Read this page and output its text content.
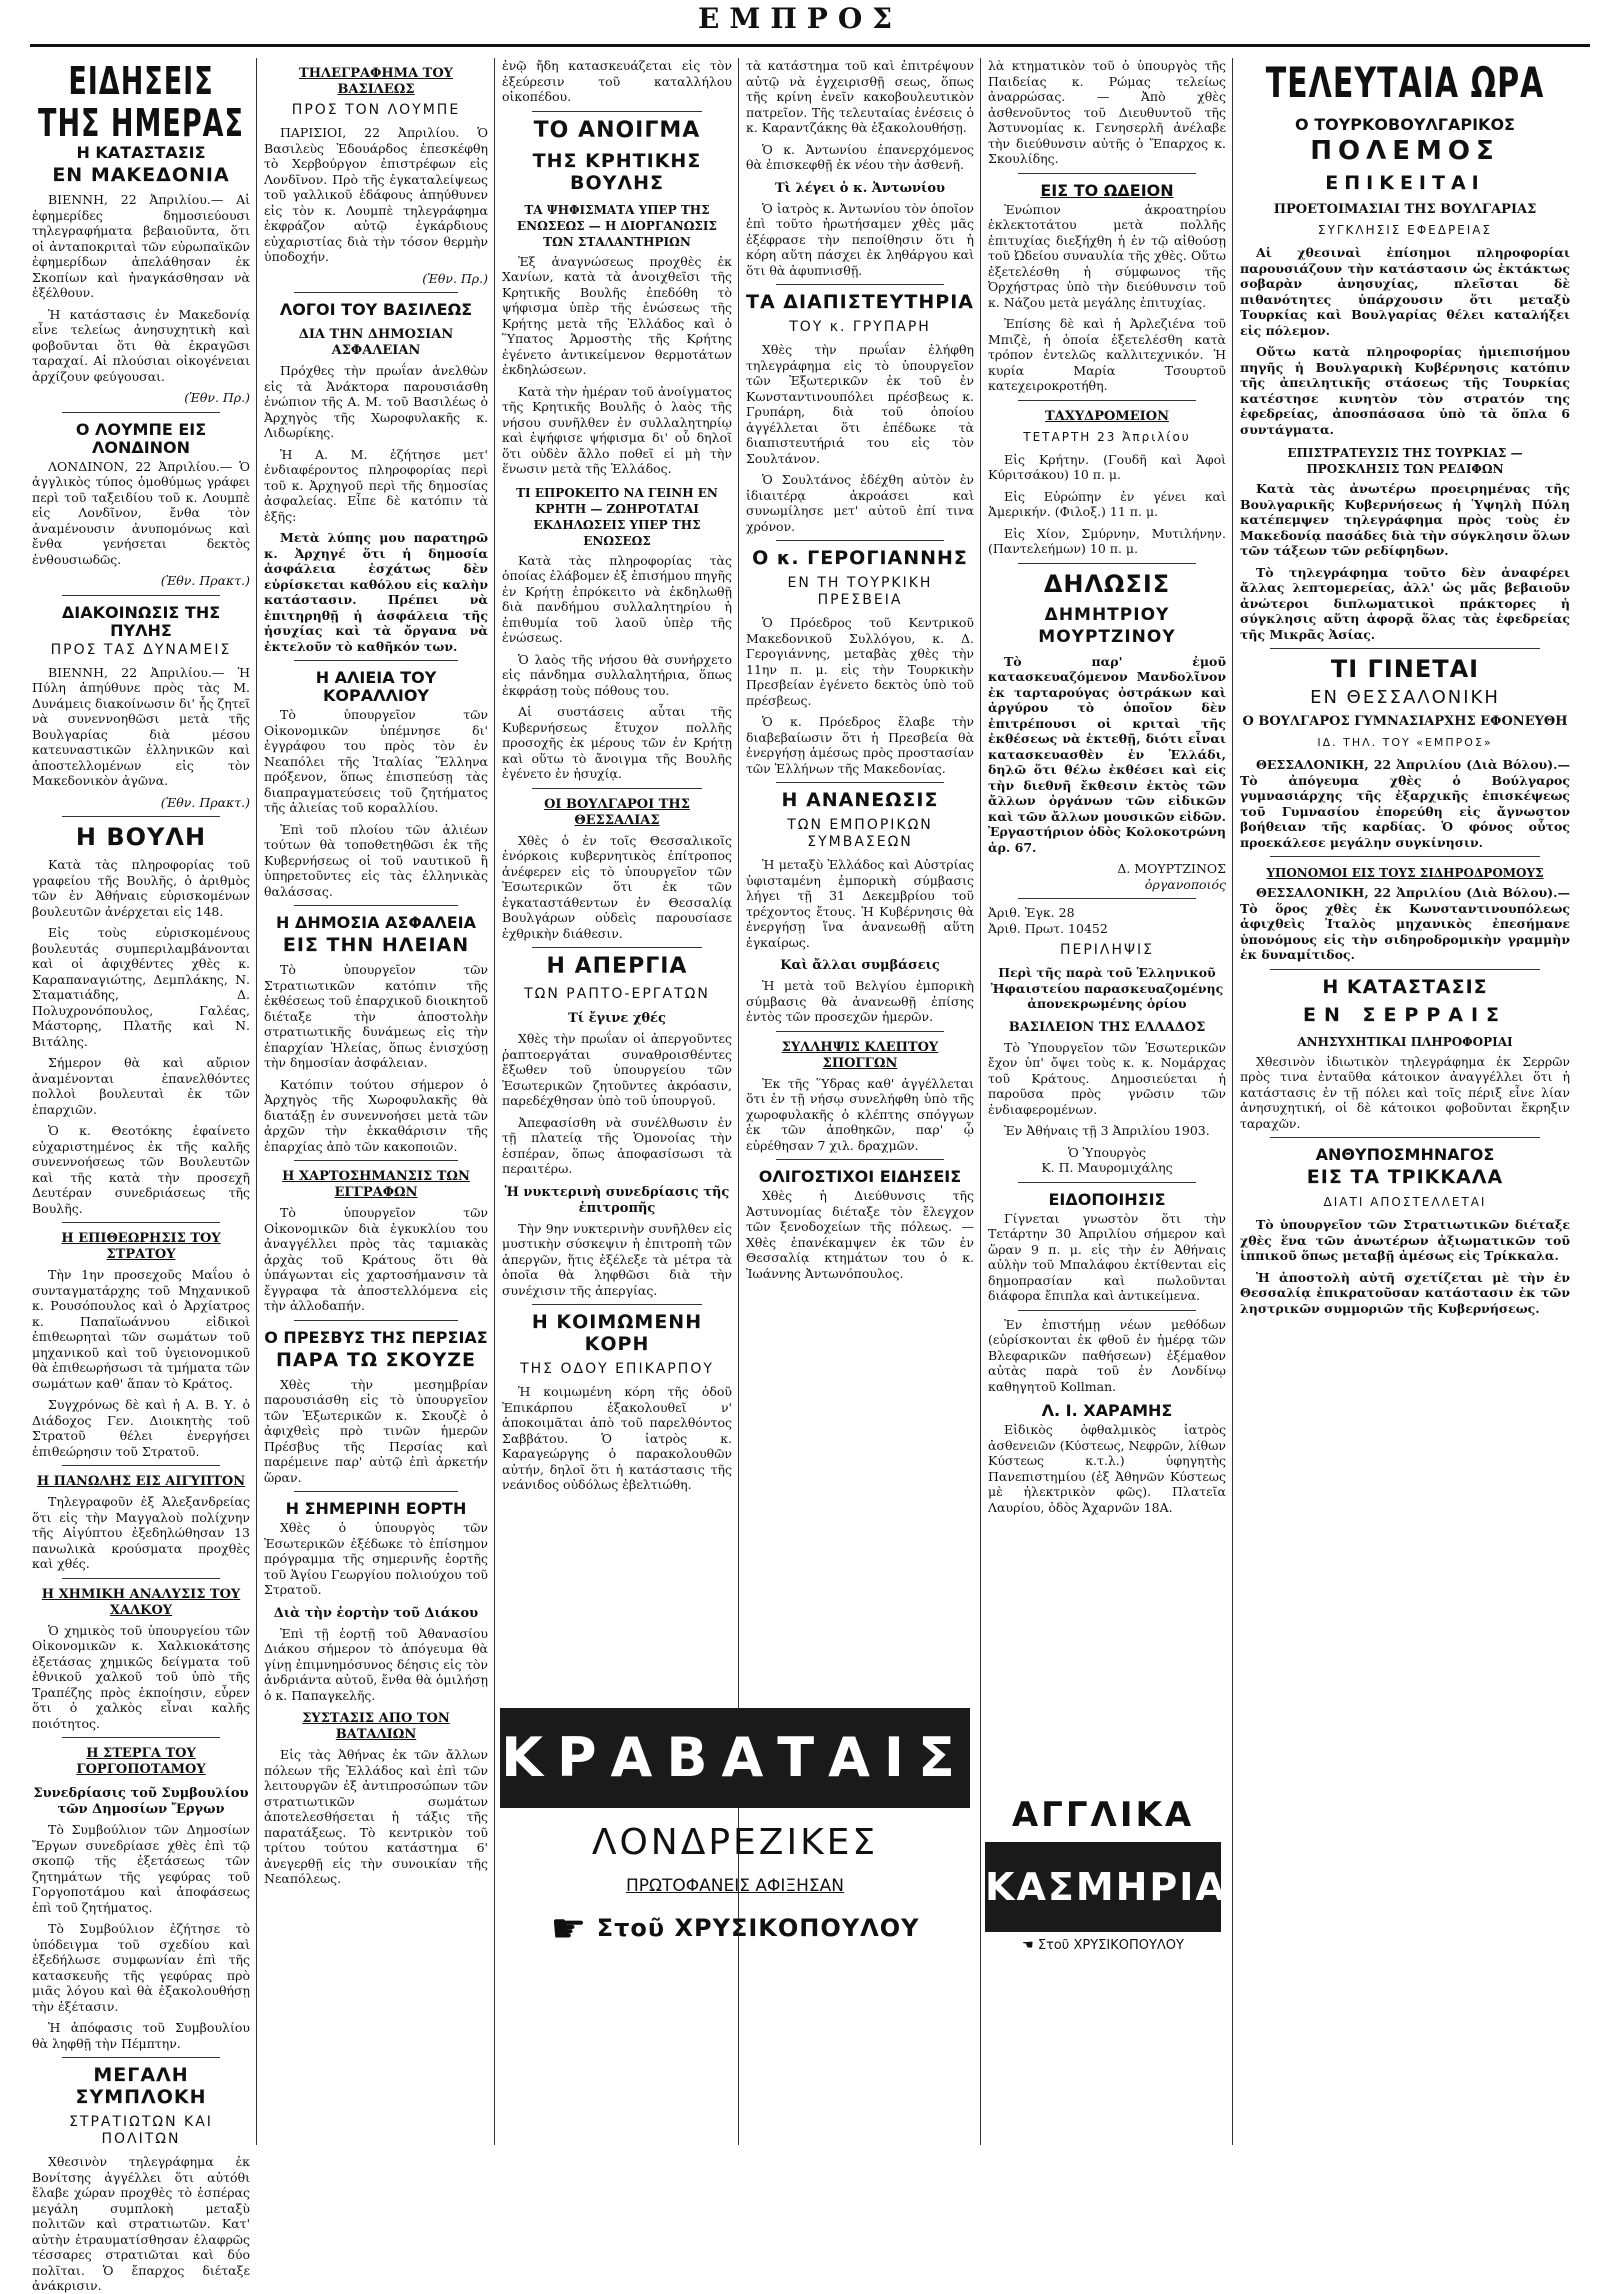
ΕΜΠΡΟΣ
ΕΙΔΗΣΕΙΣ ΤΗΣ ΗΜΕΡΑΣ
Η ΚΑΤΑΣΤΑΣΙΣ
ΕΝ ΜΑΚΕΔΟΝΙΑ

ΒΙΕΝΝΗ, 22 Ἀπριλίου.— Αἱ ἐφημερίδες δημοσιεύουσι τηλεγραφήματα βεβαιοῦντα, ὅτι οἱ ἀνταποκριταὶ τῶν εὐρωπαϊκῶν ἐφημερίδων ἀπελάθησαν ἐκ Σκοπίων καὶ ἠναγκάσθησαν νὰ ἐξέλθουν.

Ἡ κατάστασις ἐν Μακεδονίᾳ εἶνε τελείως ἀνησυχητικὴ καὶ φοβοῦνται ὅτι θὰ ἐκραγῶσι ταραχαί. Αἱ πλούσιαι οἰκογένειαι ἀρχίζουν φεύγουσαι.

(Ἐθν. Πρ.)

Ο ΛΟΥΜΠΕ ΕΙΣ ΛΟΝΔΙΝΟΝ

ΛΟΝΔΙΝΟΝ, 22 Ἀπριλίου.— Ὁ ἀγγλικὸς τύπος ὁμοθύμως γράφει περὶ τοῦ ταξειδίου τοῦ κ. Λουμπὲ εἰς Λονδῖνον, ἔνθα τὸν ἀναμένουσιν ἀνυπομόνως καὶ ἔνθα γενήσεται δεκτὸς ἐνθουσιωδῶς.

(Ἐθν. Πρακτ.)

ΔΙΑΚΟΙΝΩΣΙΣ ΤΗΣ ΠΥΛΗΣ
ΠΡΟΣ ΤΑΣ ΔΥΝΑΜΕΙΣ

ΒΙΕΝΝΗ, 22 Ἀπριλίου.— Ἡ Πύλη ἀπηύθυνε πρὸς τὰς Μ. Δυνάμεις διακοίνωσιν δι' ἧς ζητεῖ νὰ συνεννοηθῶσι μετὰ τῆς Βουλγαρίας διὰ μέσου κατευναστικῶν ἐλληνικῶν καὶ ἀποστελλομένων εἰς τὸν Μακεδονικὸν ἀγῶνα.

(Ἐθν. Πρακτ.)

Η ΒΟΥΛΗ

Κατὰ τὰς πληροφορίας τοῦ γραφείου τῆς Βουλῆς, ὁ ἀριθμὸς τῶν ἐν Ἀθήναις εὑρισκομένων βουλευτῶν ἀνέρχεται εἰς 148.

Εἰς τοὺς εὑρισκομένους βουλευτάς συμπεριλαμβάνονται καὶ οἱ ἀφιχθέντες χθὲς κ. Καραπαναγιώτης, Δεμπλάκης, Ν. Σταματιάδης, Δ. Πολυχρονόπουλος, Γαλέας, Μάστορης, Πλατῆς καὶ Ν. Βιτάλης.

Σήμερον θὰ καὶ αὔριον ἀναμένονται ἐπανελθόντες πολλοὶ βουλευταὶ ἐκ τῶν ἐπαρχιῶν.

Ὁ κ. Θεοτόκης ἐφαίνετο εὐχαριστημένος ἐκ τῆς καλῆς συνεννοήσεως τῶν Βουλευτῶν καὶ τῆς κατὰ τὴν προσεχῆ Δευτέραν συνεδριάσεως τῆς Βουλῆς.

Η ΕΠΙΘΕΩΡΗΣΙΣ ΤΟΥ ΣΤΡΑΤΟΥ

Τὴν 1ην προσεχοῦς Μαΐου ὁ συνταγματάρχης τοῦ Μηχανικοῦ κ. Ρουσόπουλος καὶ ὁ Ἀρχίατρος κ. Παπαϊωάννου εἰδικοὶ ἐπιθεωρηταὶ τῶν σωμάτων τοῦ μηχανικοῦ καὶ τοῦ ὑγειονομικοῦ θὰ ἐπιθεωρήσωσι τὰ τμήματα τῶν σωμάτων καθ' ἅπαν τὸ Κράτος.

Συγχρόνως δὲ καὶ ἡ Α. Β. Υ. ὁ Διάδοχος Γεν. Διοικητὴς τοῦ Στρατοῦ θέλει ἐνεργήσει ἐπιθεώρησιν τοῦ Στρατοῦ.

Η ΠΑΝΩΛΗΣ ΕΙΣ ΑΙΓΥΠΤΟΝ

Τηλεγραφοῦν ἐξ Ἀλεξανδρείας ὅτι εἰς τὴν Μαγγαλοὺ πολίχνην τῆς Αἰγύπτου ἐξεδηλώθησαν 13 πανωλικὰ κρούσματα προχθὲς καὶ χθές.

Η ΧΗΜΙΚΗ ΑΝΑΛΥΣΙΣ ΤΟΥ ΧΑΛΚΟΥ

Ὁ χημικὸς τοῦ ὑπουργείου τῶν Οἰκονομικῶν κ. Χαλκιοκάτσης ἐξετάσας χημικῶς δείγματα τοῦ ἐθνικοῦ χαλκοῦ τοῦ ὑπὸ τῆς Τραπέζης πρὸς ἐκποίησιν, εὗρεν ὅτι ὁ χαλκὸς εἶναι καλῆς ποιότητος.

Η ΣΤΕΡΓΑ ΤΟΥ ΓΟΡΓΟΠΟΤΑΜΟΥ
Συνεδρίασις τοῦ Συμβουλίου τῶν Δημοσίων Ἔργων

Τὸ Συμβούλιον τῶν Δημοσίων Ἔργων συνεδρίασε χθὲς ἐπὶ τῷ σκοπῷ τῆς ἐξετάσεως τῶν ζητημάτων τῆς γεφύρας τοῦ Γοργοποτάμου καὶ ἀποφάσεως ἐπὶ τοῦ ζητήματος.

Τὸ Συμβούλιον ἐζήτησε τὸ ὑπόδειγμα τοῦ σχεδίου καὶ ἐξεδήλωσε συμφωνίαν ἐπὶ τῆς κατασκευῆς τῆς γεφύρας πρὸ μιᾶς λόγου καὶ θὰ ἐξακολουθήσῃ τὴν ἐξέτασιν.

Ἡ ἀπόφασις τοῦ Συμβουλίου θὰ ληφθῇ τὴν Πέμπτην.

ΜΕΓΑΛΗ ΣΥΜΠΛΟΚΗ
ΣΤΡΑΤΙΩΤΩΝ ΚΑΙ ΠΟΛΙΤΩΝ

Χθεσινὸν τηλεγράφημα ἐκ Βονίτσης ἀγγέλλει ὅτι αὐτόθι ἔλαβε χώραν προχθὲς τὸ ἑσπέρας μεγάλη συμπλοκὴ μεταξὺ πολιτῶν καὶ στρατιωτῶν. Κατ' αὐτὴν ἐτραυματίσθησαν ἐλαφρῶς τέσσαρες στρατιῶται καὶ δύο πολῖται. Ὁ ἔπαρχος διέταξε ἀνάκρισιν.

ΤΗΛΕΓΡΑΦΗΜΑ ΤΟΥ ΒΑΣΙΛΕΩΣ
ΠΡΟΣ ΤΟΝ ΛΟΥΜΠΕ

ΠΑΡΙΣΙΟΙ, 22 Ἀπριλίου. Ὁ Βασιλεὺς Ἐδουάρδος ἐπεσκέφθη τὸ Χερβούργον ἐπιστρέφων εἰς Λονδῖνον. Πρὸ τῆς ἐγκαταλείψεως τοῦ γαλλικοῦ ἐδάφους ἀπηύθυνεν εἰς τὸν κ. Λουμπὲ τηλεγράφημα ἐκφράζον αὐτῷ ἐγκάρδιους εὐχαριστίας διὰ τὴν τόσον θερμὴν ὑποδοχήν.

(Ἐθν. Πρ.)

ΛΟΓΟΙ ΤΟΥ ΒΑΣΙΛΕΩΣ
ΔΙΑ ΤΗΝ ΔΗΜΟΣΙΑΝ ΑΣΦΑΛΕΙΑΝ

Πρόχθες τὴν πρωΐαν ἀνελθὼν εἰς τὰ Ἀνάκτορα παρουσιάσθη ἐνώπιον τῆς Α. Μ. τοῦ Βασιλέως ὁ Ἀρχηγὸς τῆς Χωροφυλακῆς κ. Λιδωρίκης.

Ἡ Α. Μ. ἐζήτησε μετ' ἐνδιαφέροντος πληροφορίας περὶ τοῦ κ. Ἀρχηγοῦ περὶ τῆς δημοσίας ἀσφαλείας. Εἶπε δὲ κατόπιν τὰ ἑξῆς:

Μετὰ λύπης μου παρατηρῶ κ. Ἀρχηγέ ὅτι ἡ δημοσία ἀσφάλεια ἐσχάτως δὲν εὑρίσκεται καθόλου εἰς καλὴν κατάστασιν. Πρέπει νὰ ἐπιτηρηθῇ ἡ ἀσφάλεια τῆς ἡσυχίας καὶ τὰ ὄργανα νὰ ἐκτελοῦν τὸ καθῆκόν των.

Η ΑΛΙΕΙΑ ΤΟΥ ΚΟΡΑΛΛΙΟΥ

Τὸ ὑπουργεῖον τῶν Οἰκονομικῶν ὑπέμνησε δι' ἐγγράφου του πρὸς τὸν ἐν Νεαπόλει τῆς Ἰταλίας Ἕλληνα πρόξενον, ὅπως ἐπισπεύσῃ τὰς διαπραγματεύσεις τοῦ ζητήματος τῆς ἁλιείας τοῦ κοραλλίου.

Ἐπὶ τοῦ πλοίου τῶν ἁλιέων τούτων θὰ τοποθετηθῶσι ἐκ τῆς Κυβερνήσεως οἱ τοῦ ναυτικοῦ ἢ ὑπηρετοῦντες εἰς τὰς ἑλληνικὰς θαλάσσας.

Η ΔΗΜΟΣΙΑ ΑΣΦΑΛΕΙΑ
ΕΙΣ ΤΗΝ ΗΛΕΙΑΝ

Τὸ ὑπουργεῖον τῶν Στρατιωτικῶν κατόπιν τῆς ἐκθέσεως τοῦ ἐπαρχικοῦ διοικητοῦ διέταξε τὴν ἀποστολὴν στρατιωτικῆς δυνάμεως εἰς τὴν ἐπαρχίαν Ἠλείας, ὅπως ἐνισχύσῃ τὴν δημοσίαν ἀσφάλειαν.

Κατόπιν τούτου σήμερον ὁ Ἀρχηγὸς τῆς Χωροφυλακῆς θὰ διατάξῃ ἐν συνεννοήσει μετὰ τῶν ἀρχῶν τὴν ἐκκαθάρισιν τῆς ἐπαρχίας ἀπὸ τῶν κακοποιῶν.

Η ΧΑΡΤΟΣΗΜΑΝΣΙΣ ΤΩΝ ΕΓΓΡΑΦΩΝ

Τὸ ὑπουργεῖον τῶν Οἰκονομικῶν διὰ ἐγκυκλίου του ἀναγγέλλει πρὸς τὰς ταμιακὰς ἀρχὰς τοῦ Κράτους ὅτι θὰ ὑπάγωνται εἰς χαρτοσήμανσιν τὰ ἔγγραφα τὰ ἀποστελλόμενα εἰς τὴν ἀλλοδαπήν.

Ο ΠΡΕΣΒΥΣ ΤΗΣ ΠΕΡΣΙΑΣ
ΠΑΡΑ ΤΩ ΣΚΟΥΖΕ

Χθὲς τὴν μεσημβρίαν παρουσιάσθη εἰς τὸ ὑπουργεῖον τῶν Ἐξωτερικῶν κ. Σκουζὲ ὁ ἀφιχθεὶς πρὸ τινῶν ἡμερῶν Πρέσβυς τῆς Περσίας καὶ παρέμεινε παρ' αὐτῷ ἐπὶ ἀρκετήν ὥραν.

Η ΣΗΜΕΡΙΝΗ ΕΟΡΤΗ

Χθὲς ὁ ὑπουργὸς τῶν Ἐσωτερικῶν ἐξέδωκε τὸ ἐπίσημον πρόγραμμα τῆς σημερινῆς ἑορτῆς τοῦ Ἁγίου Γεωργίου πολιούχου τοῦ Στρατοῦ.

Διὰ τὴν ἑορτὴν τοῦ Διάκου

Ἐπὶ τῇ ἑορτῇ τοῦ Ἀθανασίου Διάκου σήμερον τὸ ἀπόγευμα θὰ γίνῃ ἐπιμνημόσυνος δέησις εἰς τὸν ἀνδριάντα αὐτοῦ, ἔνθα θὰ ὁμιλήσῃ ὁ κ. Παπαγκελῆς.

ΣΥΣΤΑΣΙΣ ΑΠΟ ΤΟΝ ΒΑΤΑΛΙΩΝ

Εἰς τὰς Ἀθήνας ἐκ τῶν ἄλλων πόλεων τῆς Ἑλλάδος καὶ ἐπὶ τῶν λειτουργῶν ἐξ ἀντιπροσώπων τῶν στρατιωτικῶν σωμάτων ἀποτελεσθήσεται ἡ τάξις τῆς παρατάξεως. Τὸ κεντρικὸν τοῦ τρίτου τούτου κατάστημα 6' ἀνεγερθῇ εἰς τὴν συνοικίαν τῆς Νεαπόλεως.

ἐνῷ ἤδη κατασκευάζεται εἰς τὸν ἐξεύρεσιν τοῦ καταλλήλου οἰκοπέδου.

ΤΟ ΑΝΟΙΓΜΑ
ΤΗΣ ΚΡΗΤΙΚΗΣ ΒΟΥΛΗΣ
ΤΑ ΨΗΦΙΣΜΑΤΑ ΥΠΕΡ ΤΗΣ ΕΝΩΣΕΩΣ — Η ΔΙΟΡΓΑΝΩΣΙΣ ΤΩΝ ΣΤΑΛΑΝΤΗΡΙΩΝ

Ἐξ ἀναγνώσεως προχθὲς ἐκ Χανίων, κατὰ τὰ ἀνοιχθεῖσι τῆς Κρητικῆς Βουλῆς ἐπεδόθη τὸ ψήφισμα ὑπὲρ τῆς ἑνώσεως τῆς Κρήτης μετὰ τῆς Ἑλλάδος καὶ ὁ Ὕπατος Ἁρμοστὴς τῆς Κρήτης ἐγένετο ἀντικείμενον θερμοτάτων ἐκδηλώσεων.

Κατὰ τὴν ἡμέραν τοῦ ἀνοίγματος τῆς Κρητικῆς Βουλῆς ὁ λαὸς τῆς νήσου συνῆλθεν ἐν συλλαλητηρίῳ καὶ ἐψήφισε ψήφισμα δι' οὗ δηλοῖ ὅτι οὐδὲν ἄλλο ποθεῖ εἰ μὴ τὴν ἕνωσιν μετὰ τῆς Ἑλλάδος.

ΤΙ ΕΠΡΟΚΕΙΤΟ ΝΑ ΓΕΙΝΗ ΕΝ ΚΡΗΤΗ — ΖΩΗΡΟΤΑΤΑΙ ΕΚΔΗΛΩΣΕΙΣ ΥΠΕΡ ΤΗΣ ΕΝΩΣΕΩΣ

Κατὰ τὰς πληροφορίας τὰς ὁποίας ἐλάβομεν ἐξ ἐπισήμου πηγῆς ἐν Κρήτῃ ἐπρόκειτο νὰ ἐκδηλωθῇ διὰ πανδήμου συλλαλητηρίου ἡ ἐπιθυμία τοῦ λαοῦ ὑπὲρ τῆς ἑνώσεως.

Ὁ λαὸς τῆς νήσου θὰ συνήρχετο εἰς πάνδημα συλλαλητήρια, ὅπως ἐκφράσῃ τοὺς πόθους του.

Αἱ συστάσεις αὗται τῆς Κυβερνήσεως ἔτυχον πολλῆς προσοχῆς ἐκ μέρους τῶν ἐν Κρήτῃ καὶ οὕτω τὸ ἄνοιγμα τῆς Βουλῆς ἐγένετο ἐν ἡσυχίᾳ.

ΟΙ ΒΟΥΛΓΑΡΟΙ ΤΗΣ ΘΕΣΣΑΛΙΑΣ

Χθὲς ὁ ἐν τοῖς Θεσσαλικοῖς ἐνόρκοις κυβερνητικὸς ἐπίτροπος ἀνέφερεν εἰς τὸ ὑπουργεῖον τῶν Ἐσωτερικῶν ὅτι ἐκ τῶν ἐγκαταστάθεντων ἐν Θεσσαλίᾳ Βουλγάρων οὐδεὶς παρουσίασε ἐχθρικὴν διάθεσιν.

Η ΑΠΕΡΓΙΑ
ΤΩΝ ΡΑΠΤΟ-ΕΡΓΑΤΩΝ
Τί ἔγινε χθές

Χθὲς τὴν πρωΐαν οἱ ἀπεργοῦντες ῥαπτοεργάται συναθροισθέντες ἔξωθεν τοῦ ὑπουργείου τῶν Ἐσωτερικῶν ζητοῦντες ἀκρόασιν, παρεδέχθησαν ὑπὸ τοῦ ὑπουργοῦ.

Ἀπεφασίσθη νὰ συνέλθωσιν ἐν τῇ πλατείᾳ τῆς Ὁμονοίας τὴν ἑσπέραν, ὅπως ἀποφασίσωσι τὰ περαιτέρω.

Ἡ νυκτερινὴ συνεδρίασις τῆς ἐπιτροπῆς

Τὴν 9ην νυκτερινὴν συνῆλθεν εἰς μυστικὴν σύσκεψιν ἡ ἐπιτροπὴ τῶν ἀπεργῶν, ἥτις ἐξέλεξε τὰ μέτρα τὰ ὁποῖα θὰ ληφθῶσι διὰ τὴν συνέχισιν τῆς ἀπεργίας.

Η ΚΟΙΜΩΜΕΝΗ ΚΟΡΗ
ΤΗΣ ΟΔΟΥ ΕΠΙΚΑΡΠΟΥ

Ἡ κοιμωμένη κόρη τῆς ὁδοῦ Ἐπικάρπου ἐξακολουθεῖ ν' ἀποκοιμᾶται ἀπὸ τοῦ παρελθόντος Σαββάτου. Ὁ ἰατρὸς κ. Καραγεώργης ὁ παρακολουθῶν αὐτήν, δηλοῖ ὅτι ἡ κατάστασις τῆς νεάνιδος οὐδόλως ἐβελτιώθη.

τὰ κατάστημα τοῦ καὶ ἐπιτρέψουν αὐτῷ νὰ ἐγχειρισθῇ σεως, ὅπως τῆς κρίνη ἐνεῖν κακοβουλευτικὸν πατρεῖον. Τῆς τελευταίας ἐνέσεις ὁ κ. Καραντζάκης θὰ ἐξακολουθήσῃ.

Ὁ κ. Ἀντωνίου ἐπανερχόμενος θὰ ἐπισκεφθῇ ἐκ νέου τὴν ἀσθενῆ.

Τὶ λέγει ὁ κ. Ἀντωνίου

Ὁ ἰατρὸς κ. Ἀντωνίου τὸν ὁποῖον ἐπὶ τοῦτο ἠρωτήσαμεν χθὲς μᾶς ἐξέφρασε τὴν πεποίθησιν ὅτι ἡ κόρη αὕτη πάσχει ἐκ ληθάργου καὶ ὅτι θὰ ἀφυπνισθῇ.

ΤΑ ΔΙΑΠΙΣΤΕΥΤΗΡΙΑ
ΤΟΥ κ. ΓΡΥΠΑΡΗ

Χθὲς τὴν πρωΐαν ἐλήφθη τηλεγράφημα εἰς τὸ ὑπουργεῖον τῶν Ἐξωτερικῶν ἐκ τοῦ ἐν Κωνσταντινουπόλει πρέσβεως κ. Γρυπάρη, διὰ τοῦ ὁποίου ἀγγέλλεται ὅτι ἐπέδωκε τὰ διαπιστευτήριά του εἰς τὸν Σουλτάνον.

Ὁ Σουλτάνος ἐδέχθη αὐτὸν ἐν ἰδιαιτέρᾳ ἀκροάσει καὶ συνωμίλησε μετ' αὐτοῦ ἐπί τινα χρόνον.

Ο κ. ΓΕΡΟΓΙΑΝΝΗΣ
ΕΝ ΤΗ ΤΟΥΡΚΙΚΗ ΠΡΕΣΒΕΙΑ

Ὁ Πρόεδρος τοῦ Κεντρικοῦ Μακεδονικοῦ Συλλόγου, κ. Δ. Γερογιάννης, μεταβὰς χθὲς τὴν 11ην π. μ. εἰς τὴν Τουρκικὴν Πρεσβείαν ἐγένετο δεκτὸς ὑπὸ τοῦ πρέσβεως.

Ὁ κ. Πρόεδρος ἔλαβε τὴν διαβεβαίωσιν ὅτι ἡ Πρεσβεία θὰ ἐνεργήσῃ ἀμέσως πρὸς προστασίαν τῶν Ἑλλήνων τῆς Μακεδονίας.

Η ΑΝΑΝΕΩΣΙΣ
ΤΩΝ ΕΜΠΟΡΙΚΩΝ ΣΥΜΒΑΣΕΩΝ

Ἡ μεταξὺ Ἑλλάδος καὶ Αὐστρίας ὑφισταμένη ἐμπορικὴ σύμβασις λήγει τῇ 31 Δεκεμβρίου τοῦ τρέχοντος ἔτους. Ἡ Κυβέρνησις θὰ ἐνεργήσῃ ἵνα ἀνανεωθῇ αὕτη ἐγκαίρως.

Καὶ ἄλλαι συμβάσεις

Ἡ μετὰ τοῦ Βελγίου ἐμπορικὴ σύμβασις θὰ ἀνανεωθῇ ἐπίσης ἐντὸς τῶν προσεχῶν ἡμερῶν.

ΣΥΛΛΗΨΙΣ ΚΛΕΠΤΟΥ ΣΠΟΓΓΩΝ

Ἐκ τῆς Ὕδρας καθ' ἀγγέλλεται ὅτι ἐν τῇ νήσῳ συνελήφθη ὑπὸ τῆς χωροφυλακῆς ὁ κλέπτης σπόγγων ἐκ τῶν ἀποθηκῶν, παρ' ᾧ εὑρέθησαν 7 χιλ. δραχμῶν.

ΟΛΙΓΟΣΤΙΧΟΙ ΕΙΔΗΣΕΙΣ

Χθὲς ἡ Διεύθυνσις τῆς Ἀστυνομίας διέταξε τὸν ἔλεγχον τῶν ξενοδοχείων τῆς πόλεως. — Χθὲς ἐπανέκαμψεν ἐκ τῶν ἐν Θεσσαλίᾳ κτημάτων του ὁ κ. Ἰωάννης Ἀντωνόπουλος.

λὰ κτηματικὸν τοῦ ὁ ὑπουργὸς τῆς Παιδείας κ. Ρώμας τελείως ἀναρρώσας. — Ἀπὸ χθὲς ἀσθενοῦντος τοῦ Διευθυντοῦ τῆς Ἀστυνομίας κ. Γενησερλῆ ἀνέλαβε τὴν διεύθυνσιν αὐτῆς ὁ Ἔπαρχος κ. Σκουλίδης.

ΕΙΣ ΤΟ ΩΔΕΙΟΝ

Ἐνώπιον ἀκροατηρίου ἐκλεκτοτάτου μετὰ πολλῆς ἐπιτυχίας διεξήχθη ἡ ἐν τῷ αἰθούσῃ τοῦ Ὠδείου συναυλία τῆς χθὲς. Οὕτω ἐξετελέσθη ἡ σύμφωνος τῆς Ὀρχήστρας ὑπὸ τὴν διεύθυνσιν τοῦ κ. Νάζου μετὰ μεγάλης ἐπιτυχίας.

Ἐπίσης δὲ καὶ ἡ Ἀρλεζιένα τοῦ Μπιζὲ, ἡ ὁποία ἐξετελέσθη κατὰ τρόπον ἐντελῶς καλλιτεχνικόν. Ἡ κυρία Μαρία Τσουρτοῦ κατεχειροκροτήθη.

ΤΑΧΥΔΡΟΜΕΙΟΝ
ΤΕΤΑΡΤΗ 23 Ἀπριλίου

Εἰς Κρήτην. (Γουδῆ καὶ Ἀφοὶ Κύριτσάκου) 10 π. μ.

Εἰς Εὐρώπην ἐν γένει καὶ Ἀμερικήν. (Φιλοξ.) 11 π. μ.

Εἰς Χίον, Σμύρνην, Μυτιλήνην. (Παντελεήμων) 10 π. μ.

ΔΗΛΩΣΙΣ
ΔΗΜΗΤΡΙΟΥ ΜΟΥΡΤΖΙΝΟΥ

Τὸ παρ' ἐμοῦ κατασκευαζόμενον Μανδολῖνον ἐκ ταρταρούγας ὀστράκων καὶ ἀργύρου τὸ ὁποῖον δὲν ἐπιτρέπουσι οἱ κριταὶ τῆς ἐκθέσεως νὰ ἐκτεθῇ, διότι εἶναι κατασκευασθὲν ἐν Ἑλλάδι, δηλῶ ὅτι θέλω ἐκθέσει καὶ εἰς τὴν διεθνῆ ἔκθεσιν ἐκτὸς τῶν ἄλλων ὀργάνων τῶν εἰδικῶν καὶ τῶν ἄλλων μουσικῶν εἰδῶν. Ἐργαστήριον ὁδὸς Κολοκοτρώνη ἀρ. 67.

Δ. ΜΟΥΡΤΖΙΝΟΣ

ὀργανοποιός

Ἀριθ. Ἐγκ. 28

Ἀριθ. Πρωτ. 10452

ΠΕΡΙΛΗΨΙΣ

Περὶ τῆς παρὰ τοῦ Ἑλληνικοῦ Ἠφαιστείου παρασκευαζομένης ἀπονεκρωμένης ὁρίου

ΒΑΣΙΛΕΙΟΝ ΤΗΣ ΕΛΛΑΔΟΣ

Τὸ Ὑπουργεῖον τῶν Ἐσωτερικῶν ἔχον ὑπ' ὄψει τοὺς κ. κ. Νομάρχας τοῦ Κράτους. Δημοσιεύεται ἡ παροῦσα πρὸς γνῶσιν τῶν ἐνδιαφερομένων.

Ἐν Ἀθήναις τῇ 3 Ἀπριλίου 1903.

Ὁ Ὑπουργὸς

Κ. Π. Μαυρομιχάλης

ΕΙΔΟΠΟΙΗΣΙΣ

Γίγνεται γνωστὸν ὅτι τὴν Τετάρτην 30 Ἀπριλίου σήμερον καὶ ὥραν 9 π. μ. εἰς τὴν ἐν Ἀθήναις αὐλὴν τοῦ Μπαλάφου ἐκτίθενται εἰς δημοπρασίαν καὶ πωλοῦνται διάφορα ἔπιπλα καὶ ἀντικείμενα.

Ἐν ἐπιστήμῃ νέων μεθόδων (εὑρίσκονται ἐκ φθοῦ ἐν ἡμέρᾳ τῶν Βλεφαρικῶν παθήσεων) ἐξέμαθον αὐτὰς παρὰ τοῦ ἐν Λονδίνῳ καθηγητοῦ Kollman.

Λ. Ι. ΧΑΡΑΜΗΣ

Εἰδικὸς ὀφθαλμικὸς ἰατρὸς ἀσθενειῶν (Κύστεως, Νεφρῶν, λίθων Κύστεως κ.τ.λ.) ὑφηγητὴς Πανεπιστημίου (ἐξ Ἀθηνῶν Κύστεως μὲ ἠλεκτρικὸν φῶς). Πλατεῖα Λαυρίου, ὁδὸς Ἀχαρνῶν 18Α.

ΤΕΛΕΥΤΑΙΑ ΩΡΑ
Ο ΤΟΥΡΚΟΒΟΥΛΓΑΡΙΚΟΣ
ΠΟΛΕΜΟΣ
ΕΠΙΚΕΙΤΑΙ
ΠΡΟΕΤΟΙΜΑΣΙΑΙ ΤΗΣ ΒΟΥΛΓΑΡΙΑΣ
ΣΥΓΚΛΗΣΙΣ ΕΦΕΔΡΕΙΑΣ

Αἱ χθεσιναὶ ἐπίσημοι πληροφορίαι παρουσιάζουν τὴν κατάστασιν ὡς ἐκτάκτως σοβαρὰν ἀνησυχίας, πλεῖσται δὲ πιθανότητες ὑπάρχουσιν ὅτι μεταξὺ Τουρκίας καὶ Βουλγαρίας θέλει καταλήξει εἰς πόλεμον.

Οὕτω κατὰ πληροφορίας ἡμιεπισήμου πηγῆς ἡ Βουλγαρικὴ Κυβέρνησις κατόπιν τῆς ἀπειλητικῆς στάσεως τῆς Τουρκίας κατέστησε κινητὸν τὸν στρατόν της ἐφεδρείας, ἀποσπάσασα ὑπὸ τὰ ὅπλα 6 συντάγματα.

ΕΠΙΣΤΡΑΤΕΥΣΙΣ ΤΗΣ ΤΟΥΡΚΙΑΣ — ΠΡΟΣΚΛΗΣΙΣ ΤΩΝ ΡΕΔΙΦΩΝ

Κατὰ τὰς ἀνωτέρω προειρημένας τῆς Βουλγαρικῆς Κυβερνήσεως ἡ Ὑψηλὴ Πύλη κατέπεμψεν τηλεγράφημα πρὸς τοὺς ἐν Μακεδονίᾳ πασάδες διὰ τὴν σύγκλησιν ὅλων τῶν τάξεων τῶν ρεδίφηδων.

Τὸ τηλεγράφημα τοῦτο δὲν ἀναφέρει ἄλλας λεπτομερείας, ἀλλ' ὡς μᾶς βεβαιοῦν ἀνώτεροι διπλωματικοὶ πράκτορες ἡ σύγκλησις αὕτη ἀφορᾷ ὅλας τὰς ἐφεδρείας τῆς Μικρᾶς Ἀσίας.

ΤΙ ΓΙΝΕΤΑΙ
ΕΝ ΘΕΣΣΑΛΟΝΙΚΗ
Ο ΒΟΥΛΓΑΡΟΣ ΓΥΜΝΑΣΙΑΡΧΗΣ ΕΦΟΝΕΥΘΗ
ΙΔ. ΤΗΛ. ΤΟΥ «ΕΜΠΡΟΣ»

ΘΕΣΣΑΛΟΝΙΚΗ, 22 Ἀπριλίου (Διὰ Βόλου).— Τὸ ἀπόγευμα χθὲς ὁ Βούλγαρος γυμνασιάρχης τῆς ἐξαρχικῆς ἐπισκέψεως τοῦ Γυμνασίου ἐπορεύθη εἰς ἄγνωστον βοήθειαν τῆς καρδίας. Ὁ φόνος οὗτος προεκάλεσε μεγάλην συγκίνησιν.

ΥΠΟΝΟΜΟΙ ΕΙΣ ΤΟΥΣ ΣΙΔΗΡΟΔΡΟΜΟΥΣ

ΘΕΣΣΑΛΟΝΙΚΗ, 22 Ἀπριλίου (Διὰ Βόλου).— Τὸ ὅρος χθὲς ἐκ Κωνσταντινουπόλεως ἀφιχθεὶς Ἰταλὸς μηχανικὸς ἐπεσήμανε ὑπονόμους εἰς τὴν σιδηροδρομικὴν γραμμὴν ἐκ δυναμίτιδος.

Η ΚΑΤΑΣΤΑΣΙΣ
ΕΝ ΣΕΡΡΑΙΣ
ΑΝΗΣΥΧΗΤΙΚΑΙ ΠΛΗΡΟΦΟΡΙΑΙ

Χθεσινὸν ἰδιωτικὸν τηλεγράφημα ἐκ Σερρῶν πρὸς τινα ἐνταῦθα κάτοικον ἀναγγέλλει ὅτι ἡ κατάστασις ἐν τῇ πόλει καὶ τοῖς πέριξ εἶνε λίαν ἀνησυχητική, οἱ δὲ κάτοικοι φοβοῦνται ἔκρηξιν ταραχῶν.

ΑΝΘΥΠΟΣΜΗΝΑΓΟΣ
ΕΙΣ ΤΑ ΤΡΙΚΚΑΛΑ
ΔΙΑΤΙ ΑΠΟΣΤΕΛΛΕΤΑΙ

Τὸ ὑπουργεῖον τῶν Στρατιωτικῶν διέταξε χθὲς ἕνα τῶν ἀνωτέρων ἀξιωματικῶν τοῦ ἱππικοῦ ὅπως μεταβῇ ἀμέσως εἰς Τρίκκαλα.

Ἡ ἀποστολὴ αὐτῆ σχετίζεται μὲ τὴν ἐν Θεσσαλίᾳ ἐπικρατοῦσαν κατάστασιν ἐκ τῶν ληστρικῶν συμμοριῶν τῆς Κυβερνήσεως.

ΚΡΑΒΑΤΑΙΣ
ΛΟΝΔΡΕΖΙΚΕΣ
ΠΡΩΤΟΦΑΝΕΙΣ ΑΦΙΞΗΣΑΝ
☛ Στοῦ ΧΡΥΣΙΚΟΠΟΥΛΟΥ
ΑΓΓΛΙΚΑ
ΚΑΣΜΗΡΙΑ
☚ Στοῦ ΧΡΥΣΙΚΟΠΟΥΛΟΥ
